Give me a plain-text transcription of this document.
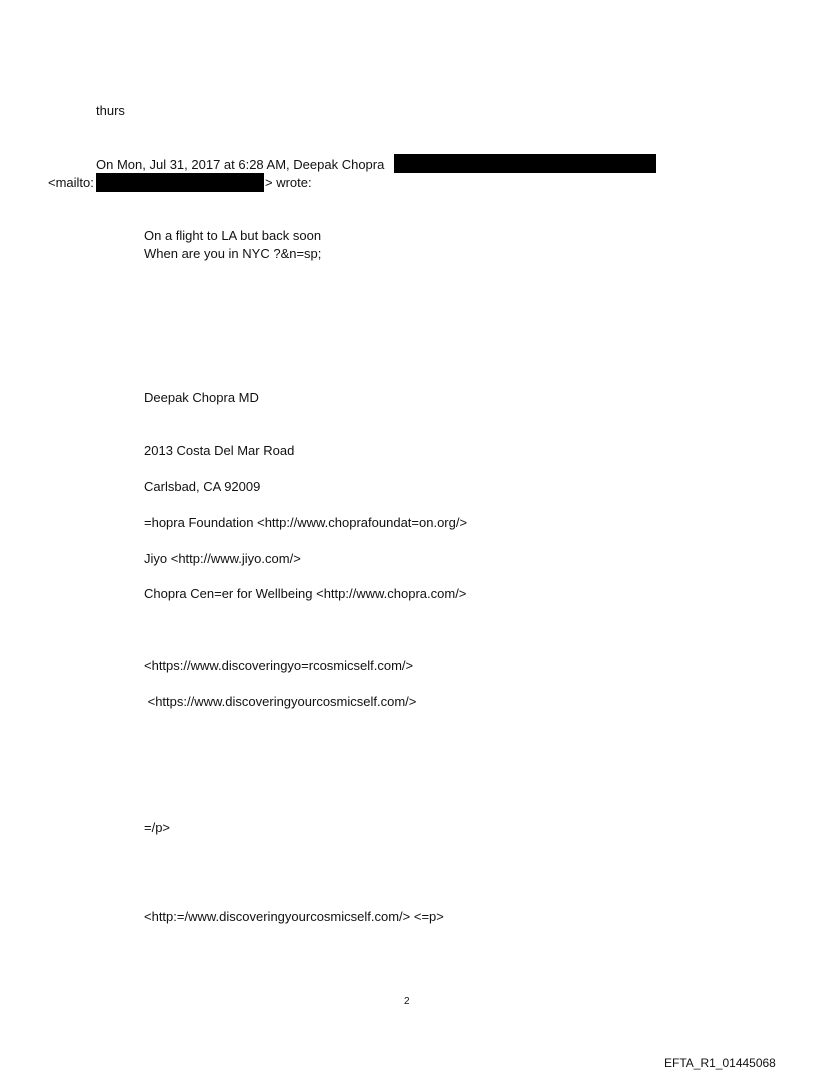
thurs
On Mon, Jul 31, 2017 at 6:28 AM, Deepak Chopra
<mailto:	> wrote:
On a flight to LA but back soon
When are you in NYC ?&n=sp;
Deepak Chopra MD
2013 Costa Del Mar Road
Carlsbad, CA 92009
=hopra Foundation <http://www.choprafoundat=on.org/>
Jiyo <http://www.jiyo.com/>
Chopra Cen=er for Wellbeing <http://www.chopra.com/>
<https://www.discoveringyo=rcosmicself.com/>
<https://www.discoveringyourcosmicself.com/>
=/p>
<http:=/www.discoveringyourcosmicself.com/> <=p>
2
EFTA_R1_01445068
